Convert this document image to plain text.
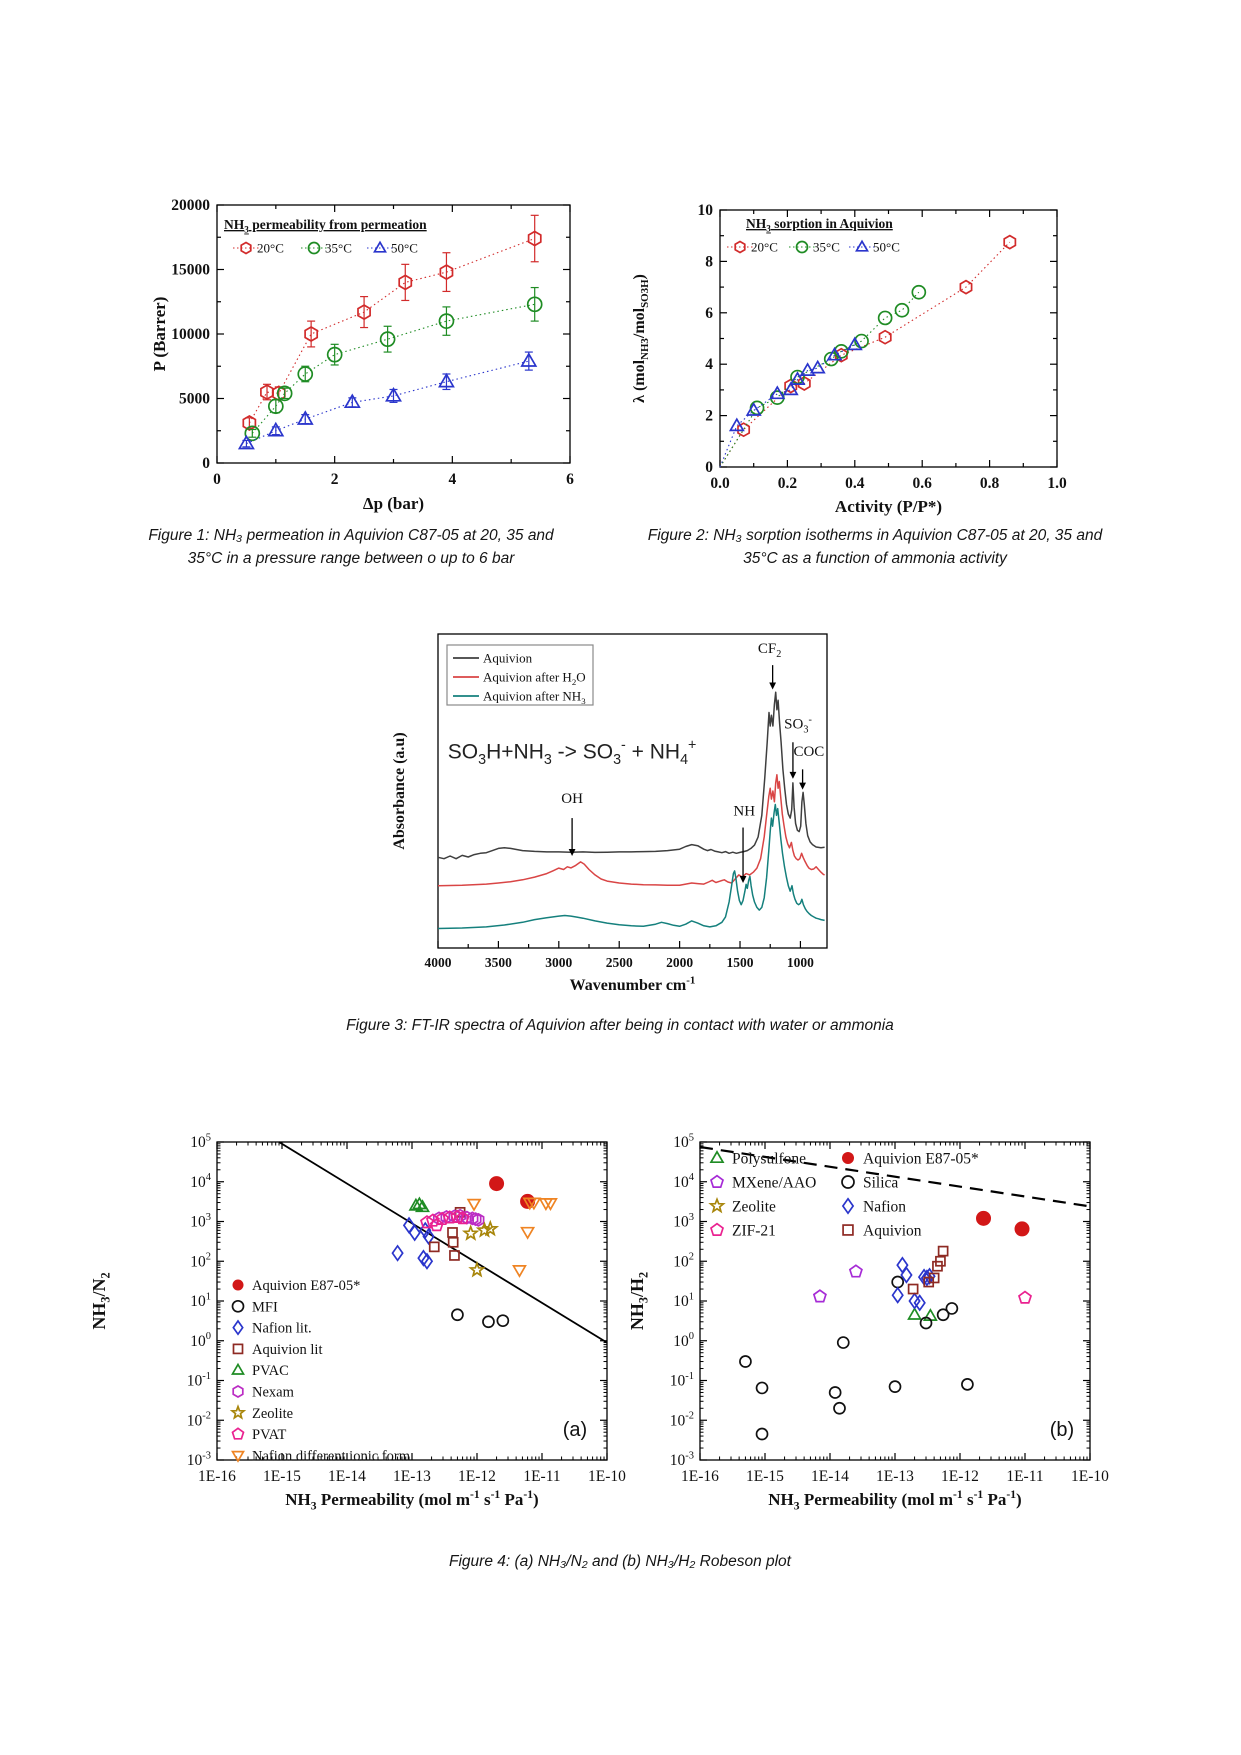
0	2	4	6
0
5000
10000
15000
20000
Δp (bar)
P (Barrer)
$NH_3$ permeability from permeation
20°C	35°C	50°C
0.0	0.2	0.4	0.6	0.8	1.0
0
2
4
6
8
10
Activity (P/P*)
λ (mol$_{NH3}$/mol$_{SO3H}$)
$NH_3$ sorption in Aquivion
20°C	35°C	50°C
Figure 1: NH₃ permeation in Aquivion C87-05 at 20, 35 and 35°C in a pressure range between o up to 6 bar
Figure 2: NH₃ sorption isotherms in Aquivion C87-05 at 20, 35 and 35°C as a function of ammonia activity
4000 3500 3000 2500 2000 1500 1000
Aquivion
Aquivion after $H_2O$
Aquivion after $NH_3$
$SO_3H+NH_3 -> SO_3^- + NH_4^+$
OH
NH
$CF_2$
$SO_3^-$
COC
Wavenumber $cm^{-1}$
Absorbance (a.u)
Figure 3: FT-IR spectra of Aquivion after being in contact with water or ammonia
1E-16 1E-15 1E-14 1E-13 1E-12 1E-11 1E-10
$10^{-3}$
$10^{-2}$
$10^{-1}$
$10^0$
$10^1$
$10^2$
$10^3$
$10^4$
$10^5$
$NH_3$ Permeability (mol $m^{-1}$ $s^{-1}$ $Pa^{-1}$)
$NH_3/N_2$
Aquivion E87-05*
MFI
Nafion lit.
Aquivion lit
PVAC
Nexam
Zeolite
PVAT
Nafion different ionic form
(a)
1E-16 1E-15 1E-14 1E-13 1E-12 1E-11 1E-10
$10^{-3}$
$10^{-2}$
$10^{-1}$
$10^0$
$10^1$
$10^2$
$10^3$
$10^4$
$10^5$
$NH_3$ Permeability (mol $m^{-1}$ $s^{-1}$ $Pa^{-1}$)
$NH_3/H_2$
Polysulfone
MXene/AAO
Zeolite
ZIF-21
Aquivion E87-05*
Silica
Nafion
Aquivion
(b)
Figure 4: (a) NH₃/N₂ and (b) NH₃/H₂ Robeson plot
